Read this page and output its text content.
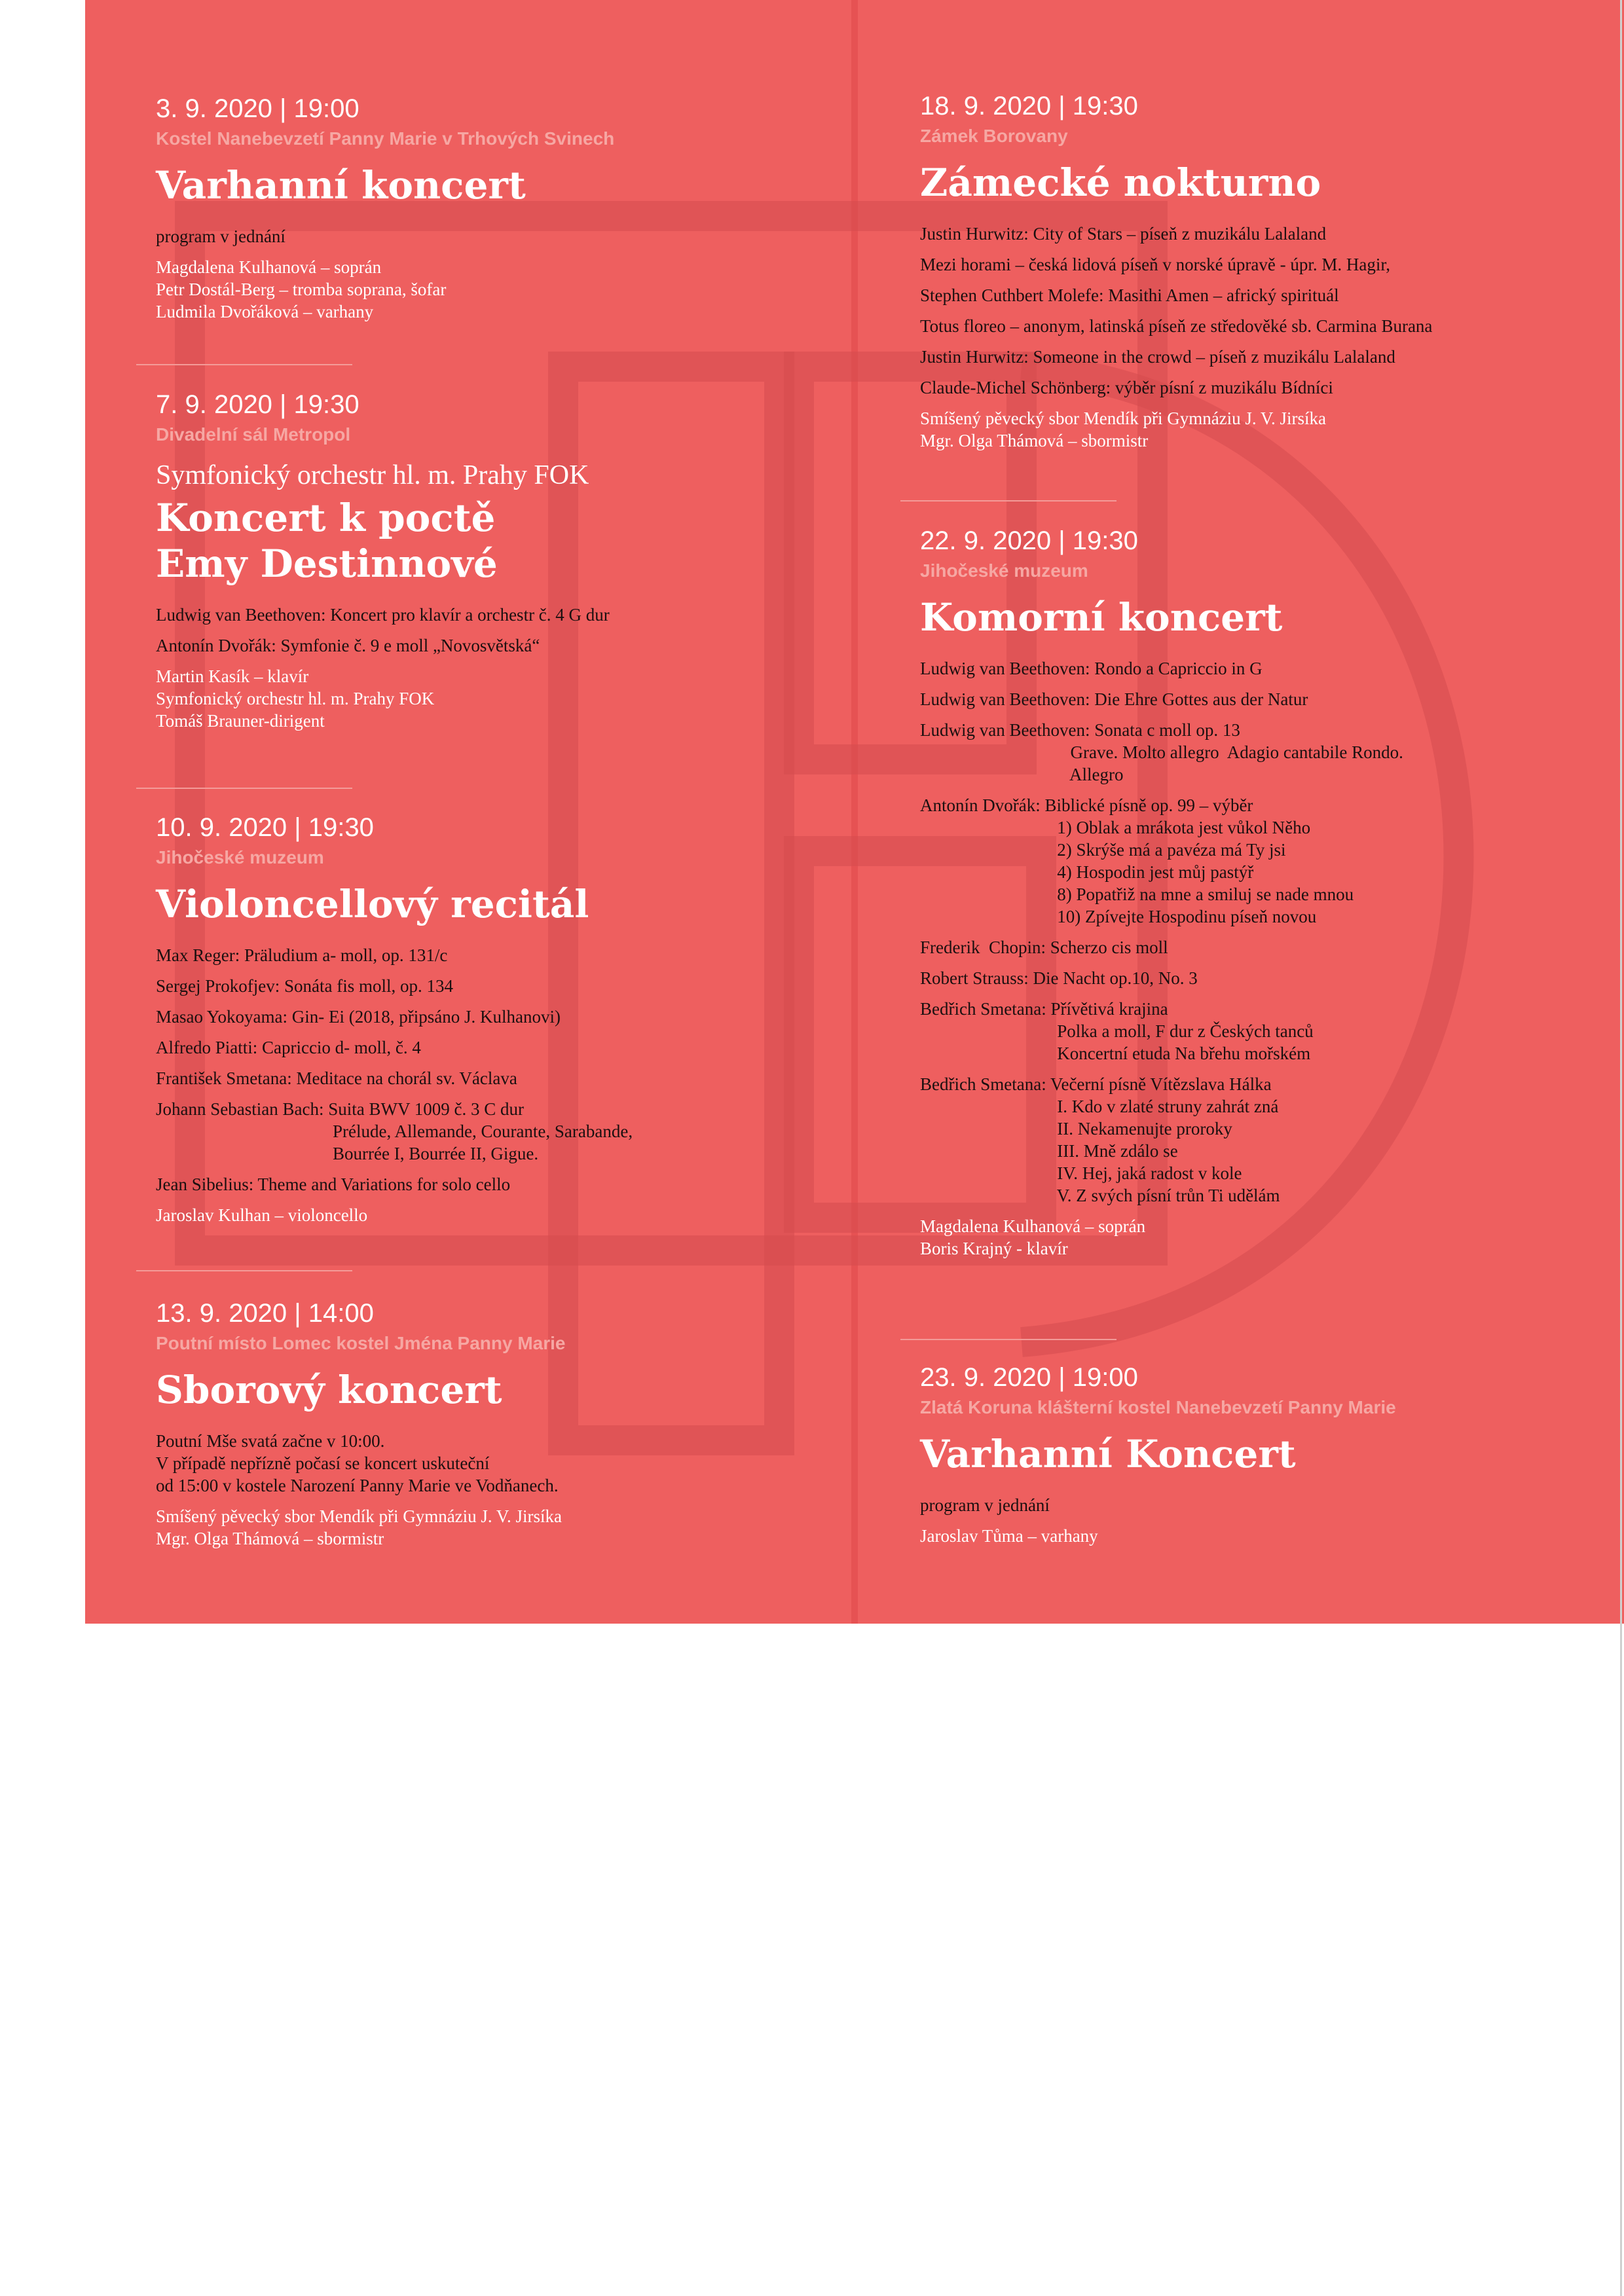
3. 9. 2020 | 19:00
Kostel Nanebevzetí Panny Marie v Trhových Svinech
Varhanní koncert
program v jednání
Magdalena Kulhanová – soprán
Petr Dostál-Berg – tromba soprana, šofar
Ludmila Dvořáková – varhany
7. 9. 2020 | 19:30
Divadelní sál Metropol
Symfonický orchestr hl. m. Prahy FOK
Koncert k poctě
Emy Destinnové
Ludwig van Beethoven: Koncert pro klavír a orchestr č. 4 G dur
Antonín Dvořák: Symfonie č. 9 e moll „Novosvětská“
Martin Kasík – klavír
Symfonický orchestr hl. m. Prahy FOK
Tomáš Brauner-dirigent
10. 9. 2020 | 19:30
Jihočeské muzeum
Violoncellový recitál
Max Reger: Präludium a- moll, op. 131/c
Sergej Prokofjev: Sonáta fis moll, op. 134
Masao Yokoyama: Gin- Ei (2018, připsáno J. Kulhanovi)
Alfredo Piatti: Capriccio d- moll, č. 4
František Smetana: Meditace na chorál sv. Václava
Johann Sebastian Bach: Suita BWV 1009 č. 3 C dur
Prélude, Allemande, Courante, Sarabande,
Bourrée I, Bourrée II, Gigue.
Jean Sibelius: Theme and Variations for solo cello
Jaroslav Kulhan – violoncello
13. 9. 2020 | 14:00
Poutní místo Lomec kostel Jména Panny Marie
Sborový koncert
Poutní Mše svatá začne v 10:00.
V případě nepřízně počasí se koncert uskuteční
od 15:00 v kostele Narození Panny Marie ve Vodňanech.
Smíšený pěvecký sbor Mendík při Gymnáziu J. V. Jirsíka
Mgr. Olga Thámová – sbormistr
18. 9. 2020 | 19:30
Zámek Borovany
Zámecké nokturno
Justin Hurwitz: City of Stars – píseň z muzikálu Lalaland
Mezi horami – česká lidová píseň v norské úpravě - úpr. M. Hagir,
Stephen Cuthbert Molefe: Masithi Amen – africký spirituál
Totus floreo – anonym, latinská píseň ze středověké sb. Carmina Burana
Justin Hurwitz: Someone in the crowd – píseň z muzikálu Lalaland
Claude-Michel Schönberg: výběr písní z muzikálu Bídníci
Smíšený pěvecký sbor Mendík při Gymnáziu J. V. Jirsíka
Mgr. Olga Thámová – sbormistr
22. 9. 2020 | 19:30
Jihočeské muzeum
Komorní koncert
Ludwig van Beethoven: Rondo a Capriccio in G
Ludwig van Beethoven: Die Ehre Gottes aus der Natur
Ludwig van Beethoven: Sonata c moll op. 13
Grave. Molto allegro  Adagio cantabile Rondo.
Allegro
Antonín Dvořák: Biblické písně op. 99 – výběr
1) Oblak a mrákota jest vůkol Něho
2) Skrýše má a pavéza má Ty jsi
4) Hospodin jest můj pastýř
8) Popatřiž na mne a smiluj se nade mnou
10) Zpívejte Hospodinu píseň novou
Frederik  Chopin: Scherzo cis moll
Robert Strauss: Die Nacht op.10, No. 3
Bedřich Smetana: Přívětivá krajina
Polka a moll, F dur z Českých tanců
Koncertní etuda Na břehu mořském
Bedřich Smetana: Večerní písně Vítězslava Hálka
I. Kdo v zlaté struny zahrát zná
II. Nekamenujte proroky
III. Mně zdálo se
IV. Hej, jaká radost v kole
V. Z svých písní trůn Ti udělám
Magdalena Kulhanová – soprán
Boris Krajný - klavír
23. 9. 2020 | 19:00
Zlatá Koruna klášterní kostel Nanebevzetí Panny Marie
Varhanní Koncert
program v jednání
Jaroslav Tůma – varhany
